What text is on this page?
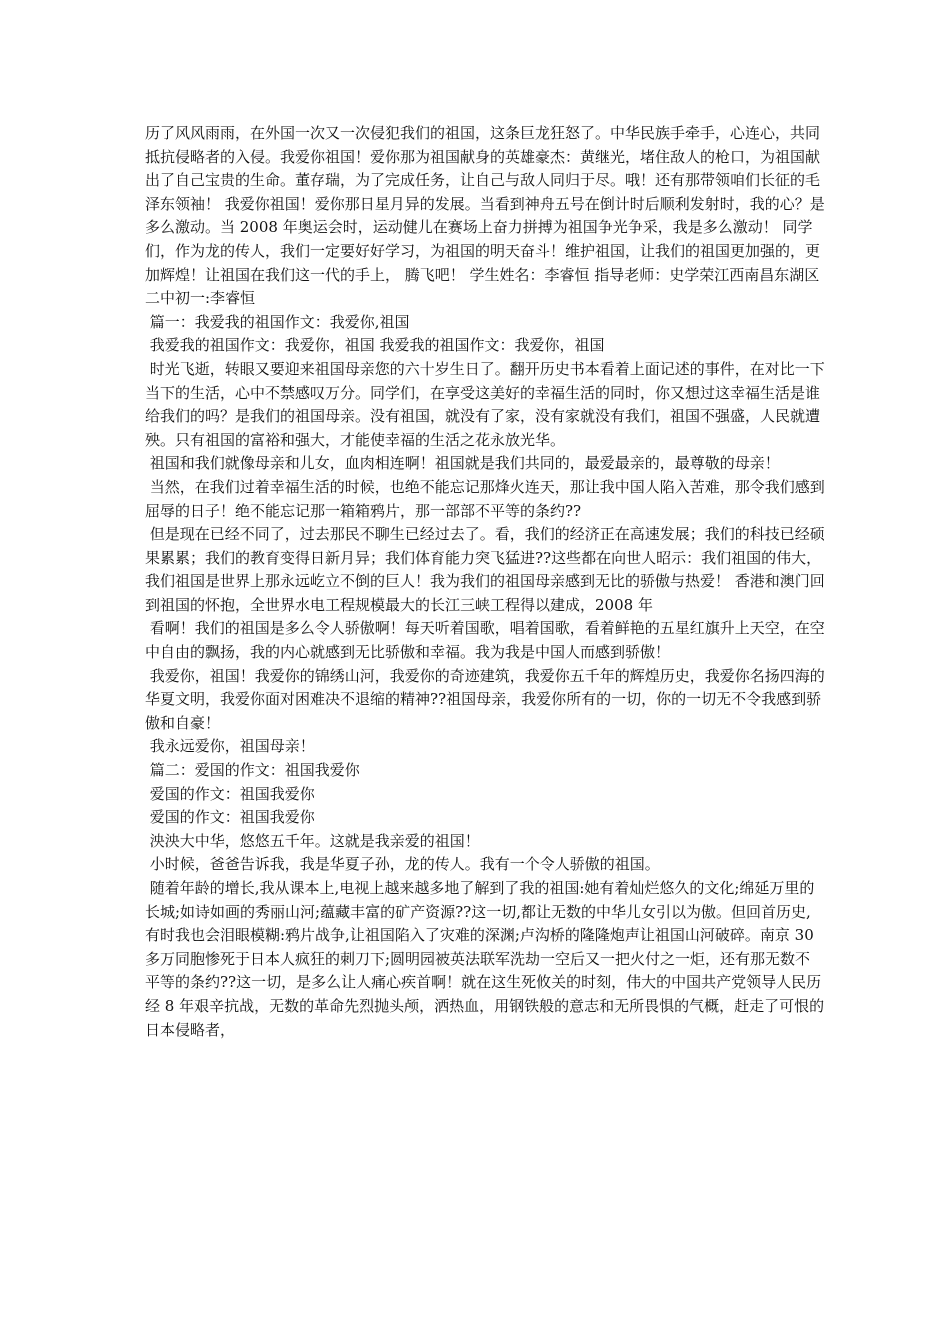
历了风风雨雨，在外国一次又一次侵犯我们的祖国，这条巨龙狂怒了。中华民族手牵手，心连心，共同抵抗侵略者的入侵。我爱你祖国！爱你那为祖国献身的英雄豪杰：黄继光，堵住敌人的枪口，为祖国献出了自己宝贵的生命。董存瑞，为了完成任务，让自己与敌人同归于尽。哦！还有那带领咱们长征的毛泽东领袖！ 我爱你祖国！爱你那日星月异的发展。当看到神舟五号在倒计时后顺利发射时，我的心？是多么激动。当 2008 年奥运会时，运动健儿在赛场上奋力拼搏为祖国争光争采，我是多么激动！ 同学们，作为龙的传人，我们一定要好好学习，为祖国的明天奋斗！维护祖国，让我们的祖国更加强的，更加辉煌！让祖国在我们这一代的手上， 腾飞吧！ 学生姓名：李睿恒 指导老师：史学荣江西南昌东湖区二中初一:李睿恒

篇一：我爱我的祖国作文：我爱你,祖国

我爱我的祖国作文：我爱你，祖国 我爱我的祖国作文：我爱你，祖国

时光飞逝，转眼又要迎来祖国母亲您的六十岁生日了。翻开历史书本看着上面记述的事件，在对比一下当下的生活，心中不禁感叹万分。同学们，在享受这美好的幸福生活的同时，你又想过这幸福生活是谁给我们的吗？是我们的祖国母亲。没有祖国，就没有了家，没有家就没有我们，祖国不强盛，人民就遭殃。只有祖国的富裕和强大，才能使幸福的生活之花永放光华。

祖国和我们就像母亲和儿女，血肉相连啊！祖国就是我们共同的，最爱最亲的，最尊敬的母亲！

当然，在我们过着幸福生活的时候，也绝不能忘记那烽火连天，那让我中国人陷入苦难，那令我们感到屈辱的日子！绝不能忘记那一箱箱鸦片，那一部部不平等的条约??

但是现在已经不同了，过去那民不聊生已经过去了。看，我们的经济正在高速发展；我们的科技已经硕果累累；我们的教育变得日新月异；我们体育能力突飞猛进??这些都在向世人昭示：我们祖国的伟大，我们祖国是世界上那永远屹立不倒的巨人！我为我们的祖国母亲感到无比的骄傲与热爱！ 香港和澳门回到祖国的怀抱，全世界水电工程规模最大的长江三峡工程得以建成，2008 年

看啊！我们的祖国是多么令人骄傲啊！每天听着国歌，唱着国歌，看着鲜艳的五星红旗升上天空，在空中自由的飘扬，我的内心就感到无比骄傲和幸福。我为我是中国人而感到骄傲！

我爱你，祖国！我爱你的锦绣山河，我爱你的奇迹建筑，我爱你五千年的辉煌历史，我爱你名扬四海的华夏文明，我爱你面对困难决不退缩的精神??祖国母亲，我爱你所有的一切，你的一切无不令我感到骄傲和自豪！

我永远爱你，祖国母亲！

篇二：爱国的作文：祖国我爱你

爱国的作文：祖国我爱你

爱国的作文：祖国我爱你

泱泱大中华，悠悠五千年。这就是我亲爱的祖国！

小时候，爸爸告诉我，我是华夏子孙，龙的传人。我有一个令人骄傲的祖国。

随着年龄的增长,我从课本上,电视上越来越多地了解到了我的祖国:她有着灿烂悠久的文化;绵延万里的长城;如诗如画的秀丽山河;蕴藏丰富的矿产资源??这一切,都让无数的中华儿女引以为傲。但回首历史,有时我也会泪眼模糊:鸦片战争,让祖国陷入了灾难的深渊;卢沟桥的隆隆炮声让祖国山河破碎。南京 30 多万同胞惨死于日本人疯狂的刺刀下;圆明园被英法联军洗劫一空后又一把火付之一炬，还有那无数不平等的条约??这一切，是多么让人痛心疾首啊！就在这生死攸关的时刻，伟大的中国共产党领导人民历经 8 年艰辛抗战，无数的革命先烈抛头颅，洒热血，用钢铁般的意志和无所畏惧的气概，赶走了可恨的日本侵略者，
